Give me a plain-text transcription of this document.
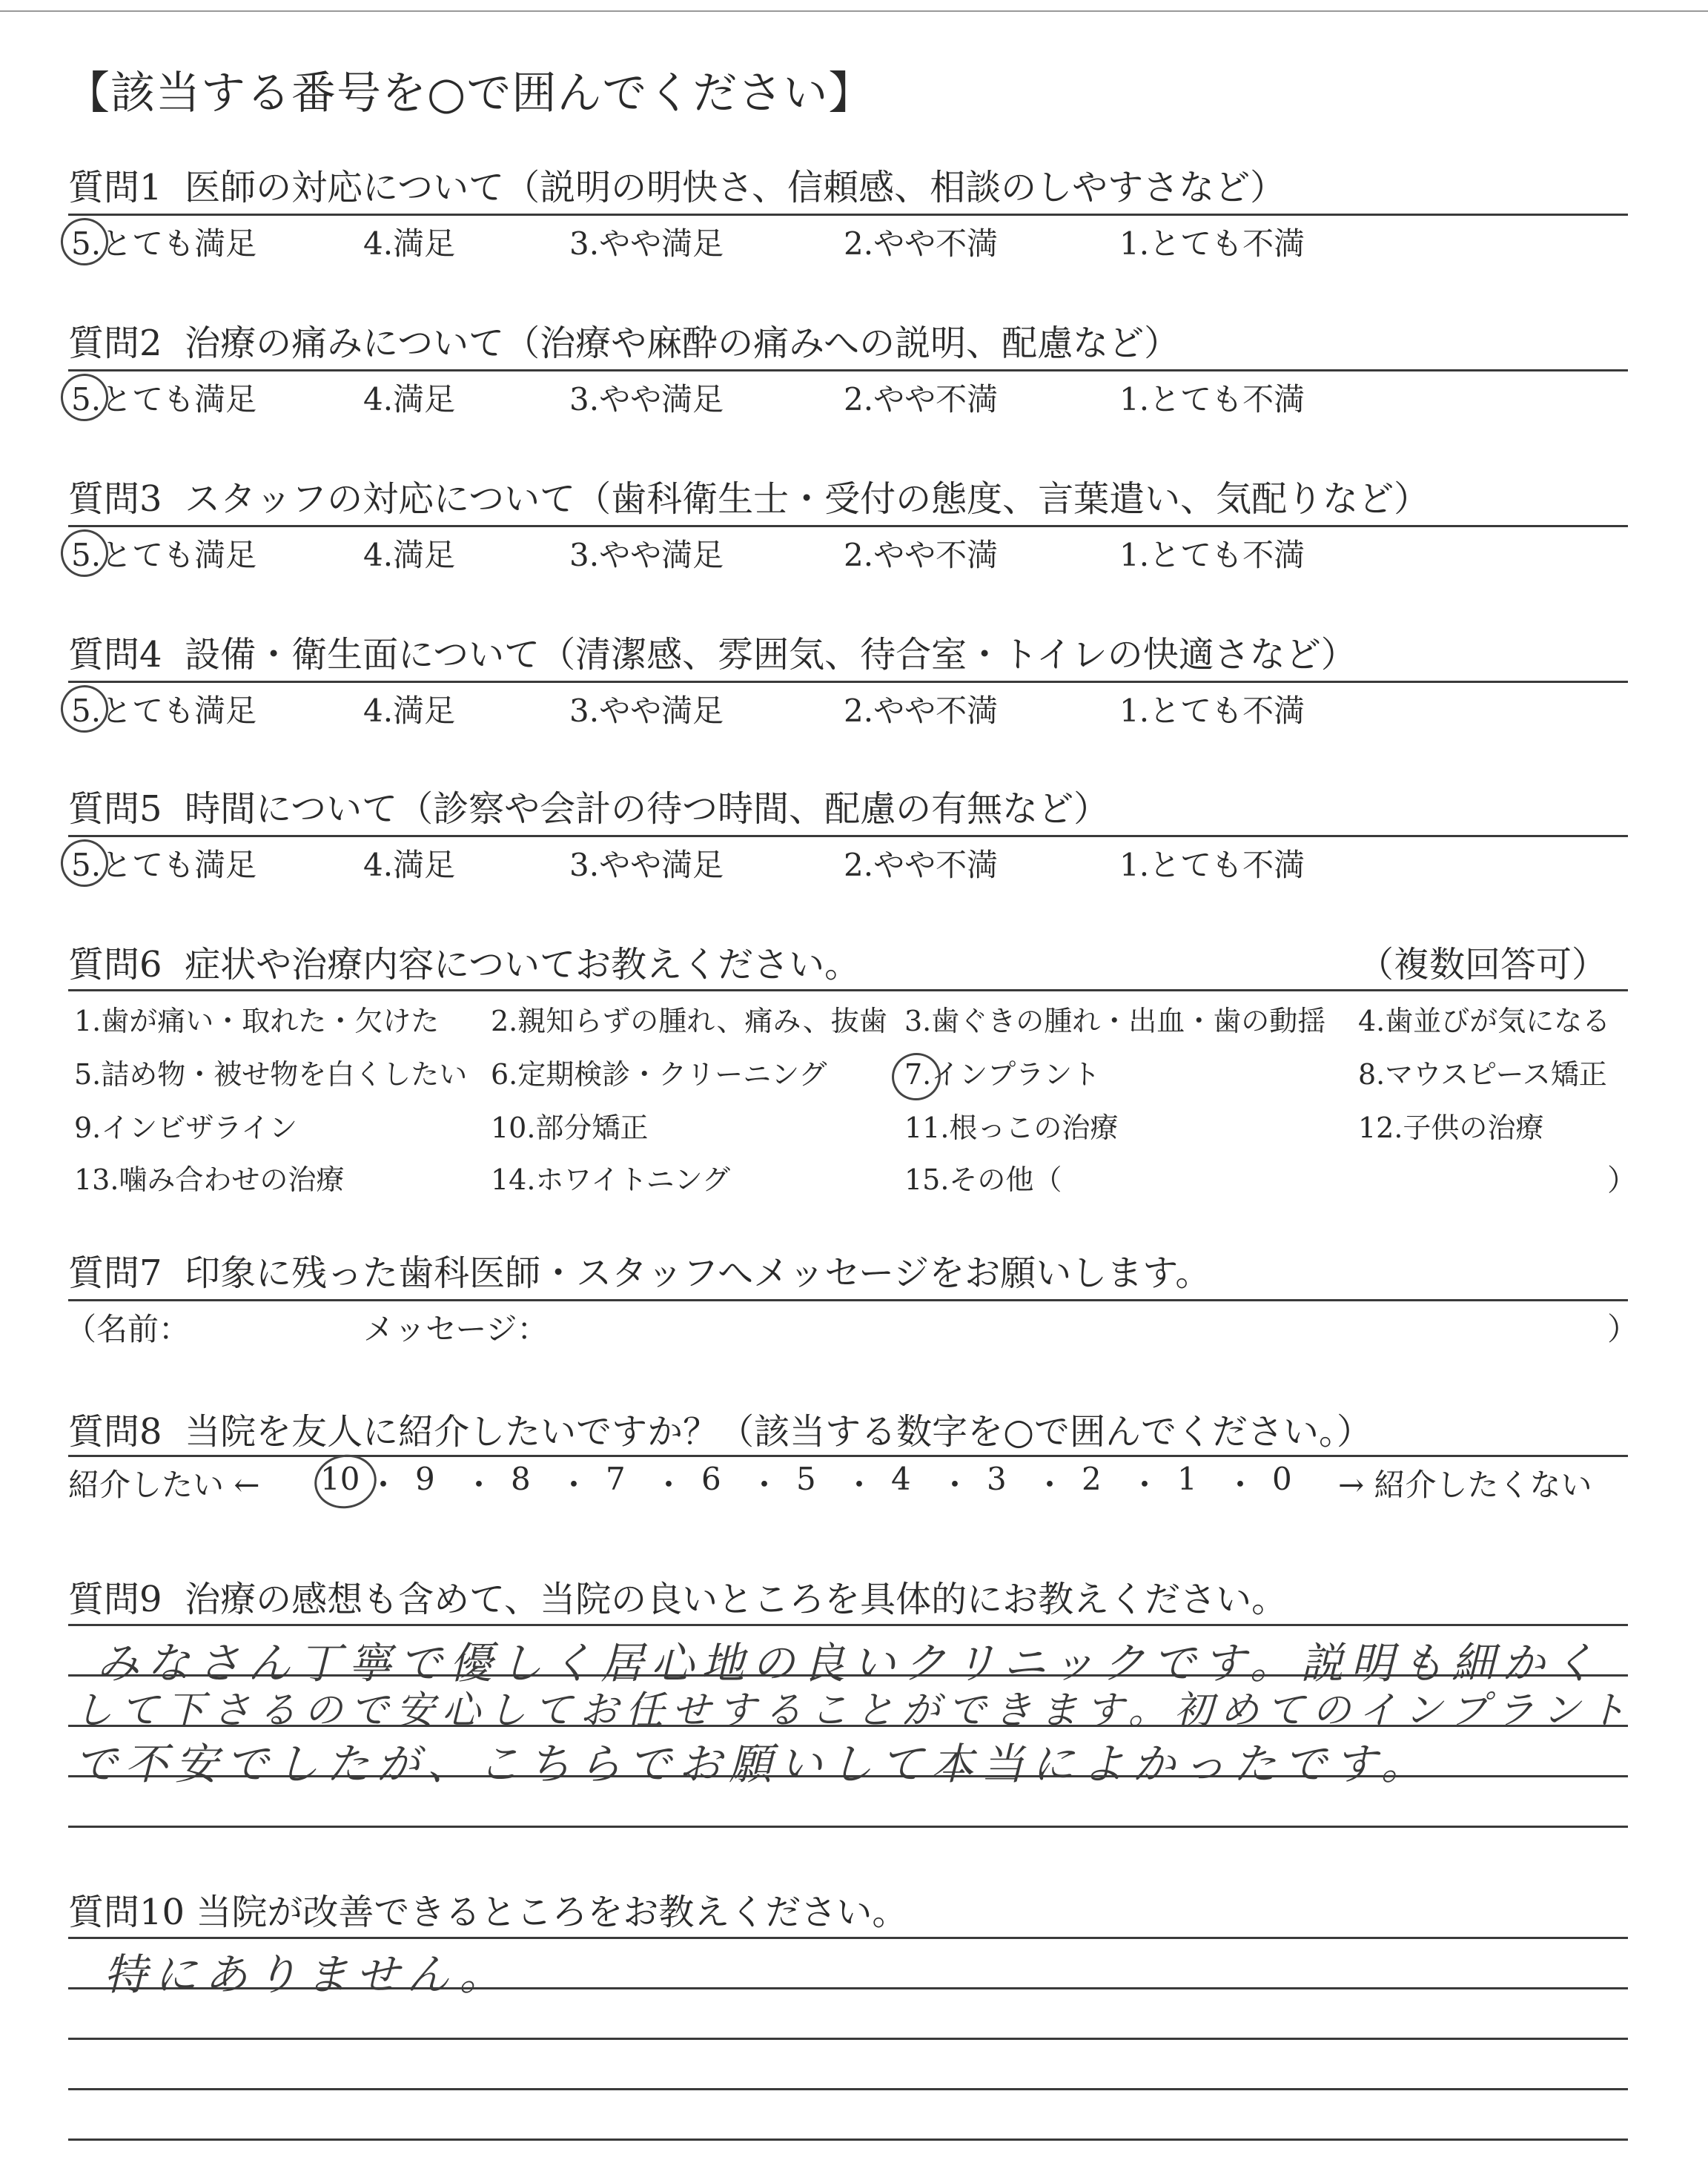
【該当する番号を○で囲んでください】
質問1 医師の対応について（説明の明快さ、信頼感、相談のしやすさなど）
5.とても満足	4.満足	3.やや満足	2.やや不満	1.とても不満
質問2 治療の痛みについて（治療や麻酔の痛みへの説明、配慮など）
5.とても満足	4.満足	3.やや満足	2.やや不満	1.とても不満
質問3 スタッフの対応について（歯科衛生士・受付の態度、言葉遣い、気配りなど）
5.とても満足	4.満足	3.やや満足	2.やや不満	1.とても不満
質問4 設備・衛生面について（清潔感、雰囲気、待合室・トイレの快適さなど）
5.とても満足	4.満足	3.やや満足	2.やや不満	1.とても不満
質問5 時間について（診察や会計の待つ時間、配慮の有無など）
5.とても満足	4.満足	3.やや満足	2.やや不満	1.とても不満
質問6 症状や治療内容についてお教えください。	（複数回答可）
1.歯が痛い・取れた・欠けた 2.親知らずの腫れ、痛み、抜歯 3.歯ぐきの腫れ・出血・歯の動揺 4.歯並びが気になる
5.詰め物・被せ物を白くしたい 6.定期検診・クリーニング	7.インプラント	8.マウスピース矯正
9.インビザライン	10.部分矯正	11.根っこの治療	12.子供の治療
13.噛み合わせの治療	14.ホワイトニング	15.その他（	）
質問7 印象に残った歯科医師・スタッフへメッセージをお願いします。
（名前：	メッセージ：	）
質問8 当院を友人に紹介したいですか？（該当する数字を○で囲んでください。）
紹介したい ← 10 ・ 9 ・ 8 ・ 7 ・ 6 ・ 5 ・ 4 ・ 3 ・ 2 ・ 1 ・ 0 → 紹介したくない
質問9 治療の感想も含めて、当院の良いところを具体的にお教えください。
みなさん丁寧で優しく居心地の良いクリニックです。説明も細かく
して下さるので安心してお任せすることができます。初めてのインプラント
で不安でしたが、こちらでお願いして本当によかったです。
質問10 当院が改善できるところをお教えください。
特にありません。
